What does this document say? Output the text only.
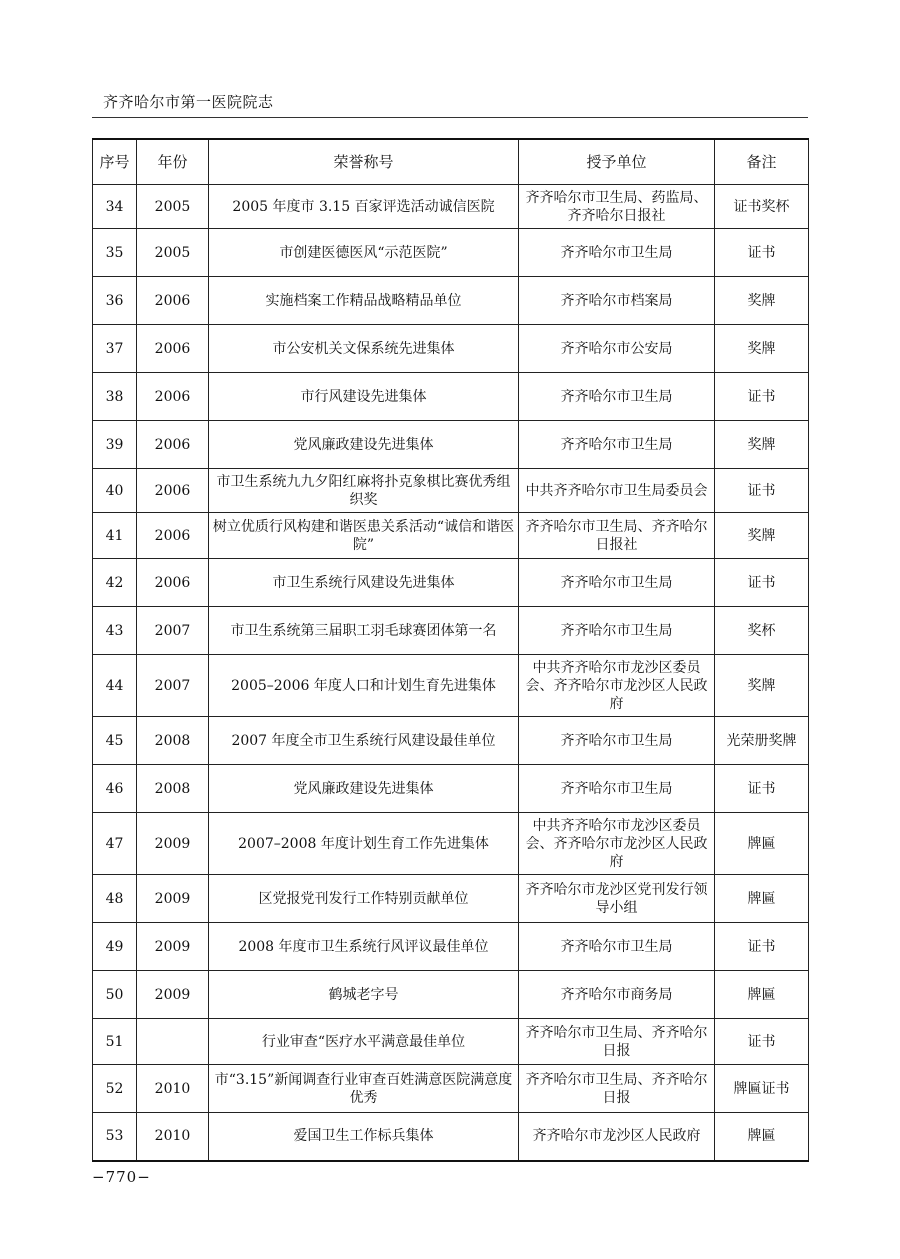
齐齐哈尔市第一医院院志
序号	年份	荣誉称号	授予单位	备注
34	2005	2005 年度市 3.15 百家评选活动诚信医院	齐齐哈尔市卫生局、药监局、齐齐哈尔日报社	证书奖杯
35	2005	市创建医德医风“示范医院”	齐齐哈尔市卫生局	证书
36	2006	实施档案工作精品战略精品单位	齐齐哈尔市档案局	奖牌
37	2006	市公安机关文保系统先进集体	齐齐哈尔市公安局	奖牌
38	2006	市行风建设先进集体	齐齐哈尔市卫生局	证书
39	2006	党风廉政建设先进集体	齐齐哈尔市卫生局	奖牌
40	2006	市卫生系统九九夕阳红麻将扑克象棋比赛优秀组织奖	中共齐齐哈尔市卫生局委员会	证书
41	2006	树立优质行风构建和谐医患关系活动“诚信和谐医院”	齐齐哈尔市卫生局、齐齐哈尔日报社	奖牌
42	2006	市卫生系统行风建设先进集体	齐齐哈尔市卫生局	证书
43	2007	市卫生系统第三届职工羽毛球赛团体第一名	齐齐哈尔市卫生局	奖杯
44	2007	2005–2006 年度人口和计划生育先进集体	中共齐齐哈尔市龙沙区委员会、齐齐哈尔市龙沙区人民政府	奖牌
45	2008	2007 年度全市卫生系统行风建设最佳单位	齐齐哈尔市卫生局	光荣册奖牌
46	2008	党风廉政建设先进集体	齐齐哈尔市卫生局	证书
47	2009	2007–2008 年度计划生育工作先进集体	中共齐齐哈尔市龙沙区委员会、齐齐哈尔市龙沙区人民政府	牌匾
48	2009	区党报党刊发行工作特别贡献单位	齐齐哈尔市龙沙区党刊发行领导小组	牌匾
49	2009	2008 年度市卫生系统行风评议最佳单位	齐齐哈尔市卫生局	证书
50	2009	鹤城老字号	齐齐哈尔市商务局	牌匾
51		行业审查“医疗水平满意最佳单位	齐齐哈尔市卫生局、齐齐哈尔日报	证书
52	2010	市“3.15”新闻调查行业审查百姓满意医院满意度优秀	齐齐哈尔市卫生局、齐齐哈尔日报	牌匾证书
53	2010	爱国卫生工作标兵集体	齐齐哈尔市龙沙区人民政府	牌匾
−770−
